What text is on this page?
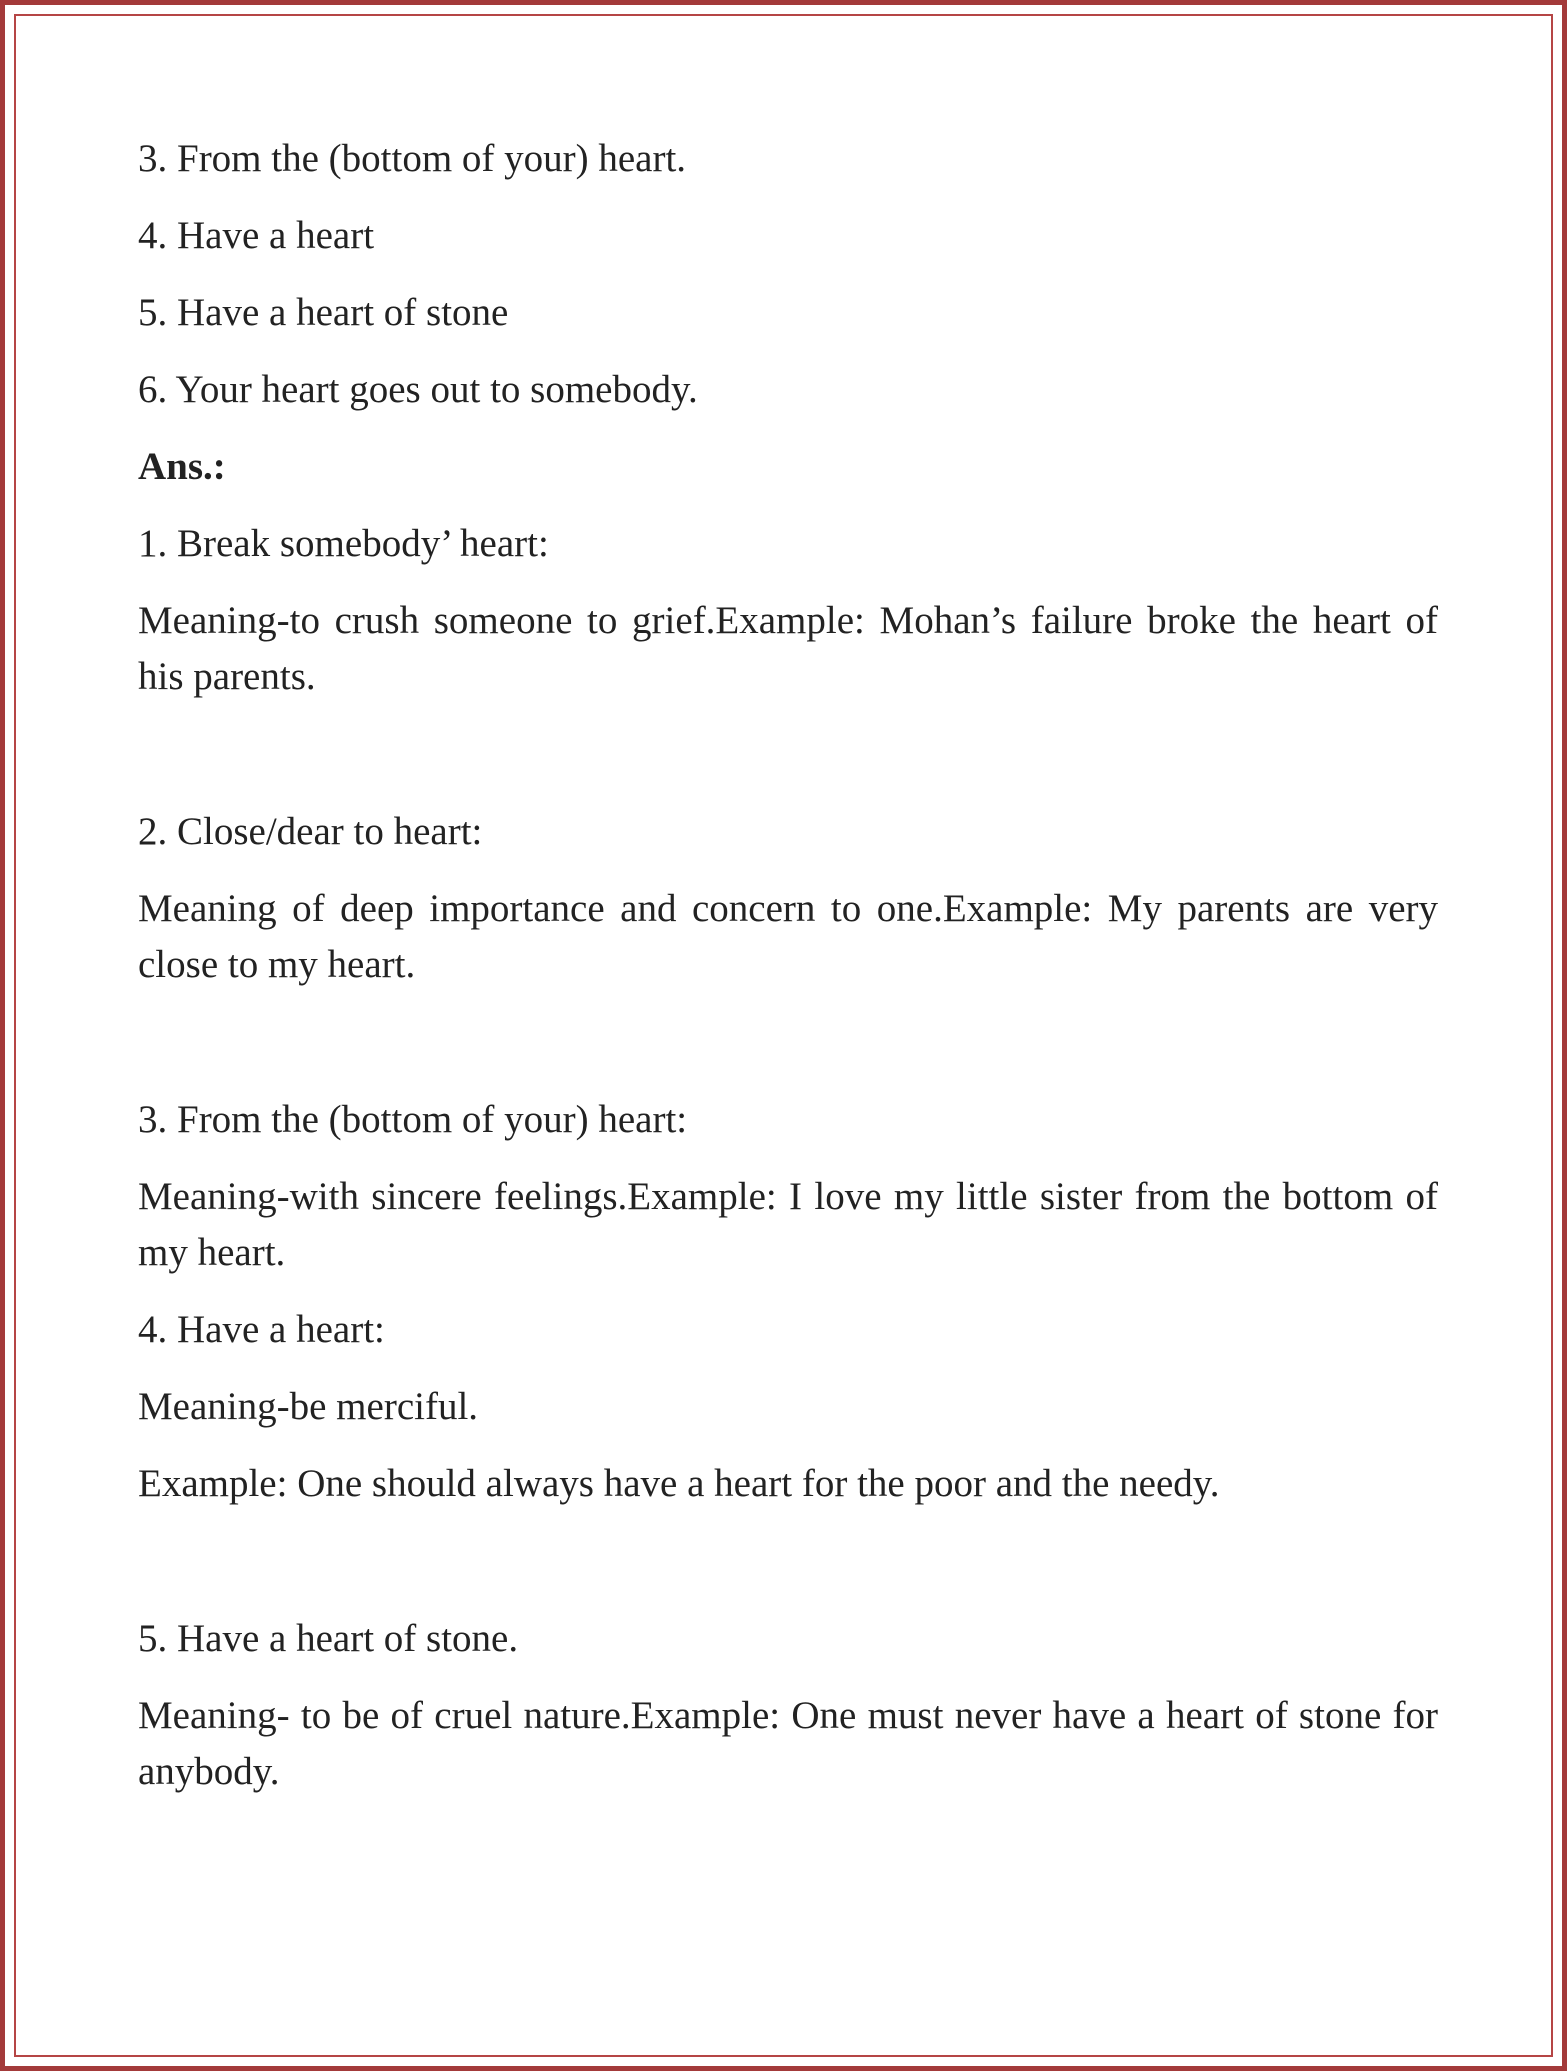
3. From the (bottom of your) heart.
4. Have a heart
5. Have a heart of stone
6. Your heart goes out to somebody.
Ans.:
1. Break somebody’ heart:
Meaning-to crush someone to grief.Example: Mohan’s failure broke the heart of his parents.
2. Close/dear to heart:
Meaning of deep importance and concern to one.Example: My parents are very close to my heart.
3. From the (bottom of your) heart:
Meaning-with sincere feelings.Example: I love my little sister from the bottom of my heart.
4. Have a heart:
Meaning-be merciful.
Example: One should always have a heart for the poor and the needy.
5. Have a heart of stone.
Meaning- to be of cruel nature.Example: One must never have a heart of stone for anybody.
